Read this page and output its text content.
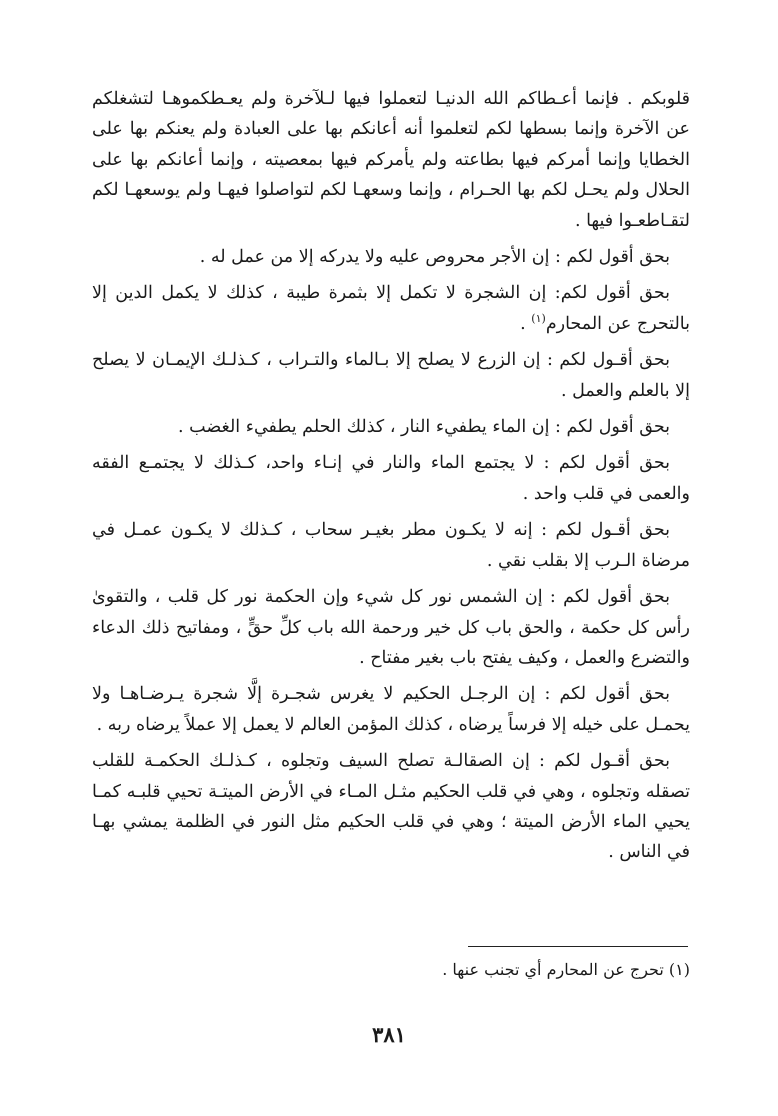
قلوبكم . فإنما أعـطاكم الله الدنيـا لتعملوا فيها لـلآخرة ولم يعـطكموهـا لتشغلكم عن الآخرة وإنما بسطها لكم لتعلموا أنه أعانكم بها على العبادة ولم يعنكم بها على الخطايا وإنما أمركم فيها بطاعته ولم يأمركم فيها بمعصيته ، وإنما أعانكم بها على الحلال ولم يحـل لكم بها الحـرام ، وإنما وسعهـا لكم لتواصلوا فيهـا ولم يوسعهـا لكم لتقـاطعـوا فيها .

بحق أقول لكم : إن الأجر محروص عليه ولا يدركه إلا من عمل له .

بحق أقول لكم: إن الشجرة لا تكمل إلا بثمرة طيبة ، كذلك لا يكمل الدين إلا بالتحرج عن المحارم$^{(١)}$ .

بحق أقـول لكم : إن الزرع لا يصلح إلا بـالماء والتـراب ، كـذلـك الإيمـان لا يصلح إلا بالعلم والعمل .

بحق أقول لكم : إن الماء يطفيء النار ، كذلك الحلم يطفيء الغضب .

بحق أقول لكم : لا يجتمع الماء والنار في إنـاء واحد، كـذلك لا يجتمـع الفقه والعمى في قلب واحد .

بحق أقـول لكم : إنه لا يكـون مطر بغيـر سحاب ، كـذلك لا يكـون عمـل في مرضاة الـرب إلا بقلب نقي .

بحق أقول لكم : إن الشمس نور كل شيء وإن الحكمة نور كل قلب ، والتقوىٰ رأس كل حكمة ، والحق باب كل خير ورحمة الله باب كلِّ حقٍّ ، ومفاتيح ذلك الدعاء والتضرع والعمل ، وكيف يفتح باب بغير مفتاح .

بحق أقول لكم : إن الرجـل الحكيم لا يغرس شجـرة إلَّا شجرة يـرضـاهـا ولا يحمـل على خيله إلا فرساً يرضاه ، كذلك المؤمن العالم لا يعمل إلا عملاً يرضاه ربه .

بحق أقـول لكم : إن الصقالـة تصلح السيف وتجلوه ، كـذلـك الحكمـة للقلب تصقله وتجلوه ، وهي في قلب الحكيم مثـل المـاء في الأرض الميتـة تحيي قلبـه كمـا يحيي الماء الأرض الميتة ؛ وهي في قلب الحكيم مثل النور في الظلمة يمشي بهـا في الناس .

(١) تحرج عن المحارم أي تجنب عنها .
٣٨١
